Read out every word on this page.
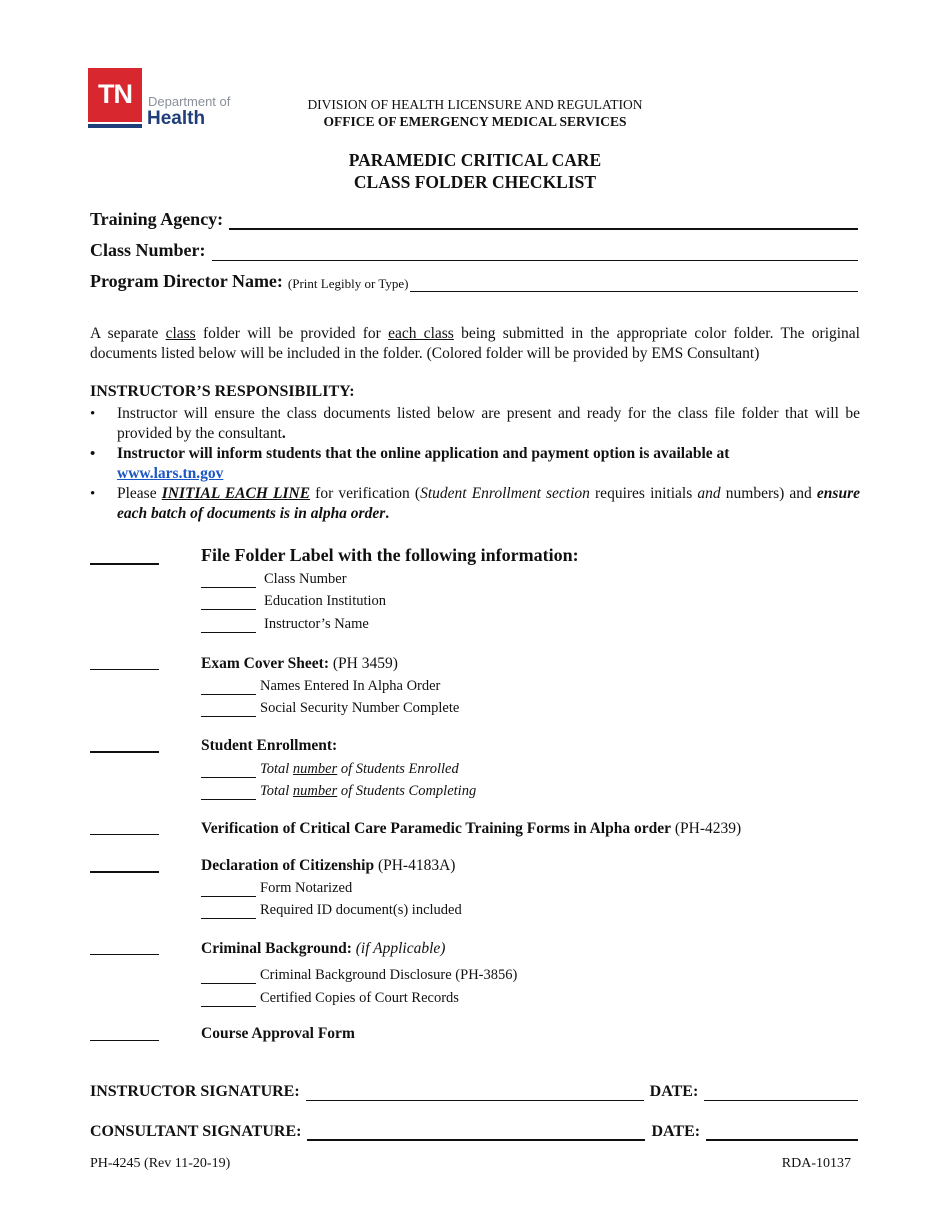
TN	Department of
Health
DIVISION OF HEALTH LICENSURE AND REGULATION
OFFICE OF EMERGENCY MEDICAL SERVICES
PARAMEDIC CRITICAL CARE
CLASS FOLDER CHECKLIST
Training Agency:
Class Number:
Program Director Name: (Print Legibly or Type)
A separate class folder will be provided for each class being submitted in the appropriate color folder. The original documents listed below will be included in the folder. (Colored folder will be provided by EMS Consultant)
INSTRUCTOR’S RESPONSIBILITY:
• Instructor will ensure the class documents listed below are present and ready for the class file folder that will be provided by the consultant.
• Instructor will inform students that the online application and payment option is available at
www.lars.tn.gov
• Please INITIAL EACH LINE for verification (Student Enrollment section requires initials and numbers) and ensure each batch of documents is in alpha order.
File Folder Label with the following information:
Class Number
Education Institution
Instructor’s Name
Exam Cover Sheet: (PH 3459)
Names Entered In Alpha Order
Social Security Number Complete
Student Enrollment:
Total number of Students Enrolled
Total number of Students Completing
Verification of Critical Care Paramedic Training Forms in Alpha order (PH-4239)
Declaration of Citizenship (PH-4183A)
Form Notarized
Required ID document(s) included
Criminal Background: (if Applicable)
Criminal Background Disclosure (PH-3856)
Certified Copies of Court Records
Course Approval Form
INSTRUCTOR SIGNATURE:	DATE:
CONSULTANT SIGNATURE:	DATE:
PH-4245 (Rev 11-20-19)	RDA-10137
